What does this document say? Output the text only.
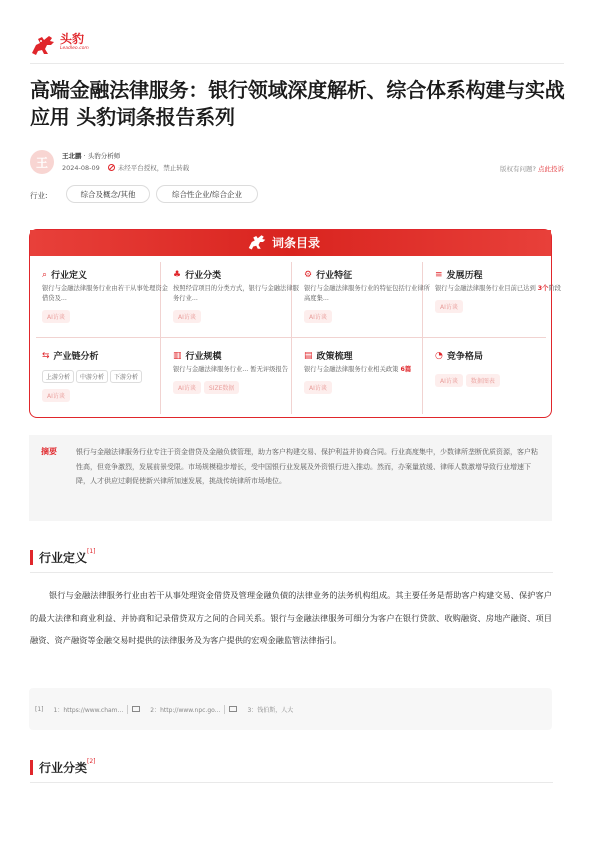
头豹
Leadleo.com
高端金融法律服务：银行领域深度解析、综合体系构建与实战应用 头豹词条报告系列
王	王北鹏 · 头豹分析师
2024-08-09	未经平台授权，禁止转载	版权有问题? 点此投诉
行业:	综合及概念/其他	综合性企业/综合企业
词条目录
⌕ 行业定义
银行与金融法律服务行业由若干从事处理资金借贷及...
AI访谈
♣ 行业分类
按照经营项目的分类方式，银行与金融法律服务行业...
AI访谈
⚙ 行业特征
银行与金融法律服务行业的特征包括行业律所高度集...
AI访谈
≡ 发展历程
银行与金融法律服务行业目前已达到 3个阶段
AI访谈
⇆ 产业链分析
上游分析 中游分析 下游分析
AI访谈
▥ 行业规模
银行与金融法律服务行业... 暂无评级报告
AI访谈 SIZE数据
▤ 政策梳理
银行与金融法律服务行业相关政策 6篇
AI访谈
◔ 竞争格局
AI访谈 数据图表
摘要	银行与金融法律服务行业专注于资金借贷及金融负债管理，助力客户构建交易、保护利益并协商合同。行业高度集中，少数律所垄断优质资源，客户粘性高，但竞争激烈，发展前景受限。市场规模稳步增长，受中国银行业发展及外资银行进入推动。然而，办案量放缓、律师人数激增导致行业增速下降，人才供应过剩促使新兴律所加速发展，挑战传统律所市场地位。
行业定义[1]
银行与金融法律服务行业由若干从事处理资金借贷及管理金融负债的法律业务的法务机构组成。其主要任务是帮助客户构建交易、保护客户的最大法律和商业利益、并协商和记录借贷双方之间的合同关系。银行与金融法律服务可细分为客户在银行贷款、收购融资、房地产融资、项目融资、资产融资等金融交易时提供的法律服务及为客户提供的宏观金融监管法律指引。
[1] 1：https://www.cham...	2：http://www.npc.go...	3：钱伯斯，人大
行业分类[2]
